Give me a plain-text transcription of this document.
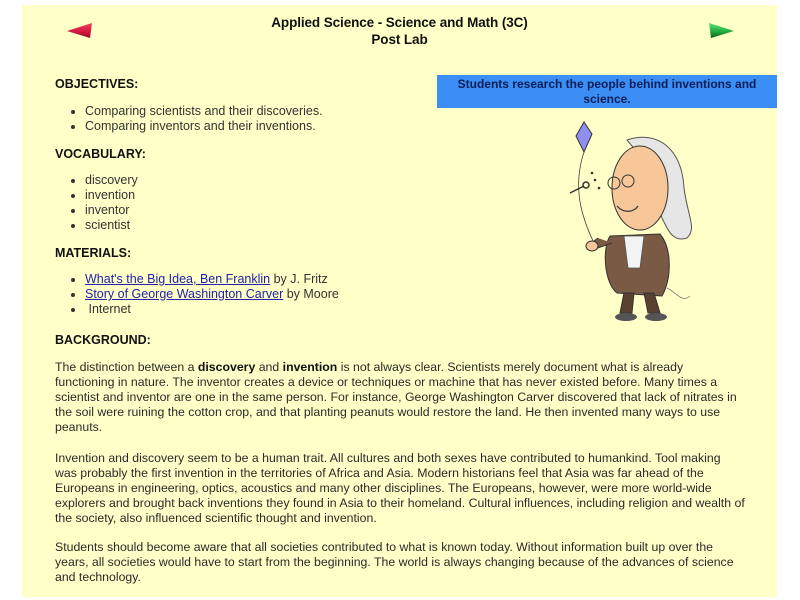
Applied Science - Science and Math (3C)
Post Lab
Students research the people behind inventions and science.
OBJECTIVES:
• Comparing scientists and their discoveries.
• Comparing inventors and their inventions.
VOCABULARY:
• discovery
• invention
• inventor
• scientist
MATERIALS:
• What's the Big Idea, Ben Franklin by J. Fritz
• Story of George Washington Carver by Moore
• Internet
BACKGROUND:

The distinction between a discovery and invention is not always clear. Scientists merely document what is already functioning in nature. The inventor creates a device or techniques or machine that has never existed before. Many times a scientist and inventor are one in the same person. For instance, George Washington Carver discovered that lack of nitrates in the soil were ruining the cotton crop, and that planting peanuts would restore the land. He then invented many ways to use peanuts.

Invention and discovery seem to be a human trait. All cultures and both sexes have contributed to humankind. Tool making was probably the first invention in the territories of Africa and Asia. Modern historians feel that Asia was far ahead of the Europeans in engineering, optics, acoustics and many other disciplines. The Europeans, however, were more world-wide explorers and brought back inventions they found in Asia to their homeland. Cultural influences, including religion and wealth of the society, also influenced scientific thought and invention.

Students should become aware that all societies contributed to what is known today. Without information built up over the years, all societies would have to start from the beginning. The world is always changing because of the advances of science and technology.
